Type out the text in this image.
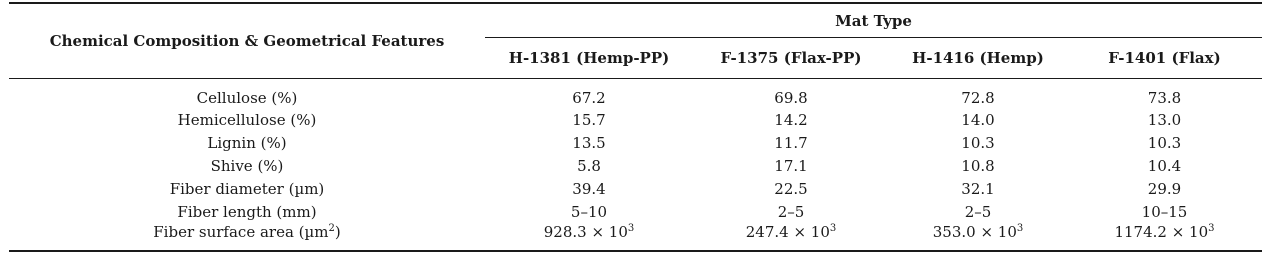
Chemical Composition & Geometrical Features	Mat Type			
	H-1381 (Hemp-PP)	F-1375 (Flax-PP)	H-1416 (Hemp)	F-1401 (Flax)
Cellulose (%)	67.2	69.8	72.8	73.8
Hemicellulose (%)	15.7	14.2	14.0	13.0
Lignin (%)	13.5	11.7	10.3	10.3
Shive (%)	5.8	17.1	10.8	10.4
Fiber diameter (µm)	39.4	22.5	32.1	29.9
Fiber length (mm)	5–10	2–5	2–5	10–15
Fiber surface area (µm$^2$)	$928.3 \times 10^3$	$247.4 \times 10^3$	$353.0 \times 10^3$	$1174.2 \times 10^3$
